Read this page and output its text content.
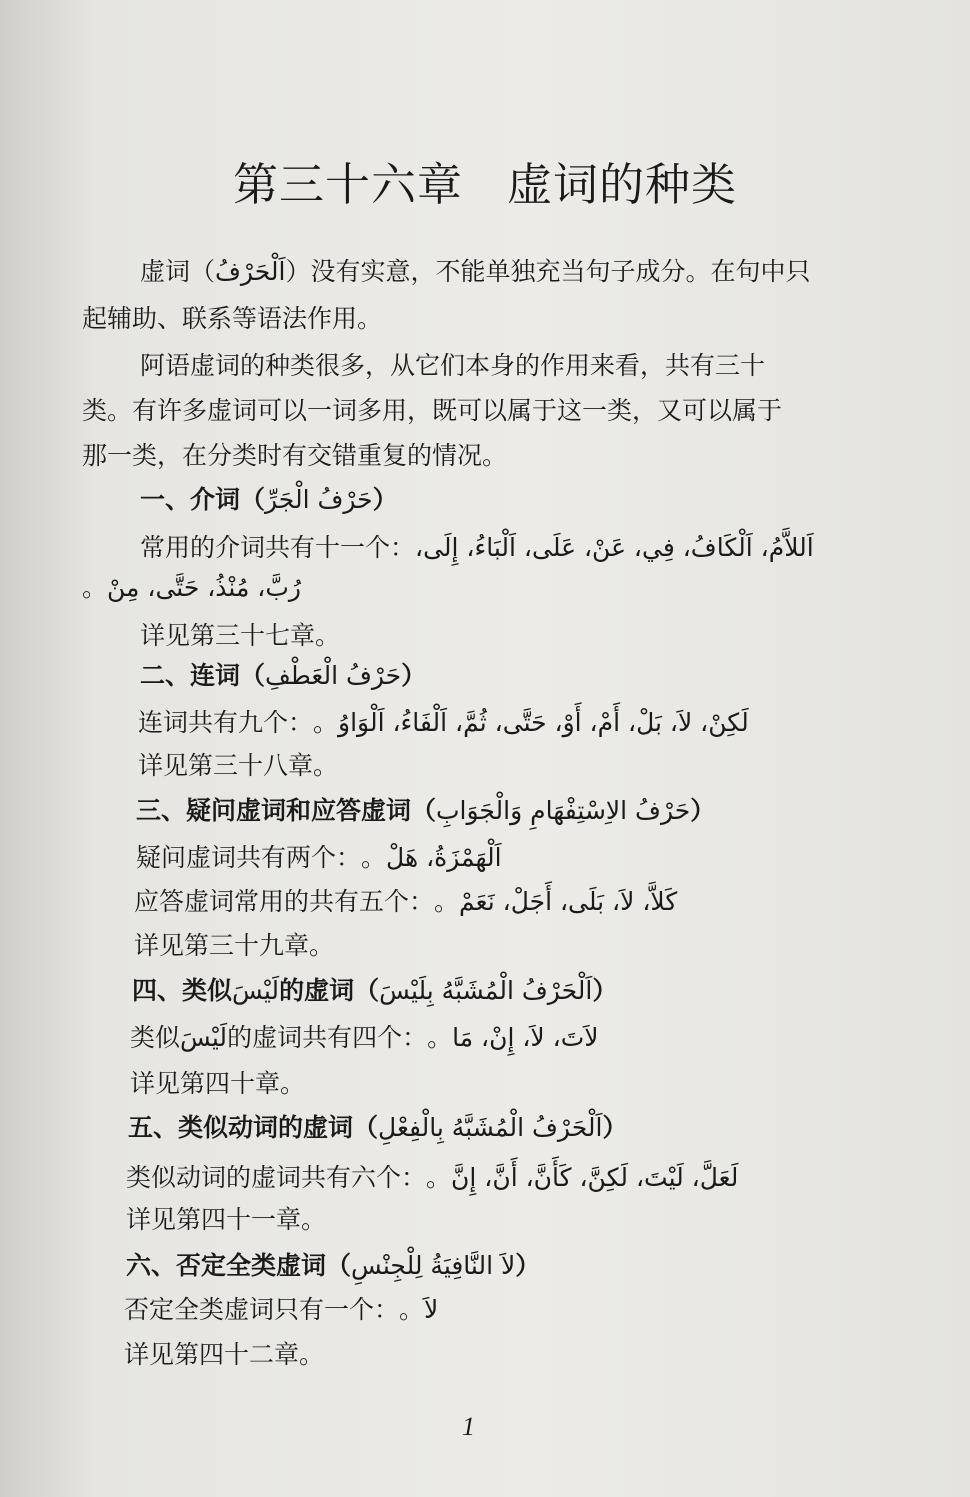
第三十六章 虚词的种类
虚词（اَلْحَرْفُ）没有实意，不能单独充当句子成分。在句中只
起辅助、联系等语法作用。
阿语虚词的种类很多，从它们本身的作用来看，共有三十
类。有许多虚词可以一词多用，既可以属于这一类，又可以属于
那一类，在分类时有交错重复的情况。
一、介词（حَرْفُ الْجَرِّ）
常用的介词共有十一个：اَللاَّمُ، اَلْكَافُ، فِي، عَنْ، عَلَى، اَلْبَاءُ، إِلَى،
رُبَّ، مُنْذُ، حَتَّى، مِنْ。
详见第三十七章。
二、连词（حَرْفُ الْعَطْفِ）
连词共有九个：لَكِنْ، لاَ، بَلْ، أَمْ، أَوْ، حَتَّى، ثُمَّ، اَلْفَاءُ، اَلْوَاوُ。
详见第三十八章。
三、疑问虚词和应答虚词（حَرْفُ الاِسْتِفْهَامِ وَالْجَوَابِ）
疑问虚词共有两个：اَلْهَمْزَةُ، هَلْ。
应答虚词常用的共有五个：كَلاَّ، لاَ، بَلَى، أَجَلْ، نَعَمْ。
详见第三十九章。
四、类似لَيْسَ的虚词（اَلْحَرْفُ الْمُشَبَّهُ بِلَيْسَ）
类似لَيْسَ的虚词共有四个：لاَتَ، لاَ، إِنْ، مَا。
详见第四十章。
五、类似动词的虚词（اَلْحَرْفُ الْمُشَبَّهُ بِالْفِعْلِ）
类似动词的虚词共有六个：لَعَلَّ، لَيْتَ، لَكِنَّ، كَأَنَّ، أَنَّ، إِنَّ。
详见第四十一章。
六、否定全类虚词（لاَ النَّافِيَةُ لِلْجِنْسِ）
否定全类虚词只有一个：لاَ。
详见第四十二章。
1
